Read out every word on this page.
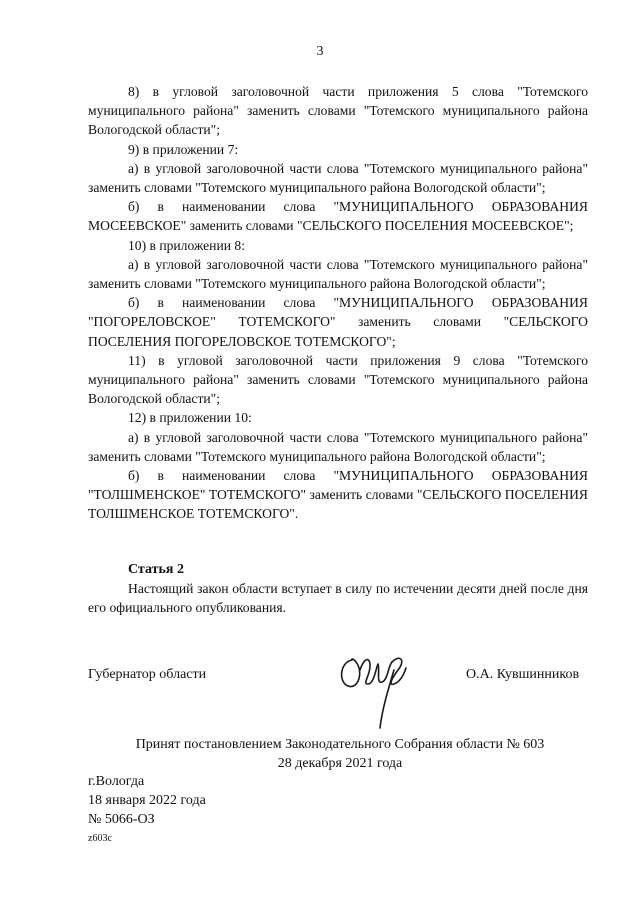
3

8) в угловой заголовочной части приложения 5 слова "Тотемского муниципального района" заменить словами "Тотемского муниципального района Вологодской области";

9) в приложении 7:

а) в угловой заголовочной части слова "Тотемского муниципального района" заменить словами "Тотемского муниципального района Вологодской области";

б) в наименовании слова "МУНИЦИПАЛЬНОГО ОБРАЗОВАНИЯ МОСЕЕВСКОЕ" заменить словами "СЕЛЬСКОГО ПОСЕЛЕНИЯ МОСЕЕВСКОЕ";

10) в приложении 8:

а) в угловой заголовочной части слова "Тотемского муниципального района" заменить словами "Тотемского муниципального района Вологодской области";

б) в наименовании слова "МУНИЦИПАЛЬНОГО ОБРАЗОВАНИЯ "ПОГОРЕЛОВСКОЕ" ТОТЕМСКОГО" заменить словами "СЕЛЬСКОГО ПОСЕЛЕНИЯ ПОГОРЕЛОВСКОЕ ТОТЕМСКОГО";

11) в угловой заголовочной части приложения 9 слова "Тотемского муниципального района" заменить словами "Тотемского муниципального района Вологодской области";

12) в приложении 10:

а) в угловой заголовочной части слова "Тотемского муниципального района" заменить словами "Тотемского муниципального района Вологодской области";

б) в наименовании слова "МУНИЦИПАЛЬНОГО ОБРАЗОВАНИЯ "ТОЛШМЕНСКОЕ" ТОТЕМСКОГО" заменить словами "СЕЛЬСКОГО ПОСЕЛЕНИЯ ТОЛШМЕНСКОЕ ТОТЕМСКОГО".

Статья 2

Настоящий закон области вступает в силу по истечении десяти дней после дня его официального опубликования.

Губернатор области	О.А. Кувшинников
Принят постановлением Законодательного Собрания области № 603
28 декабря 2021 года
г.Вологда
18 января 2022 года
№ 5066-ОЗ
z603c
